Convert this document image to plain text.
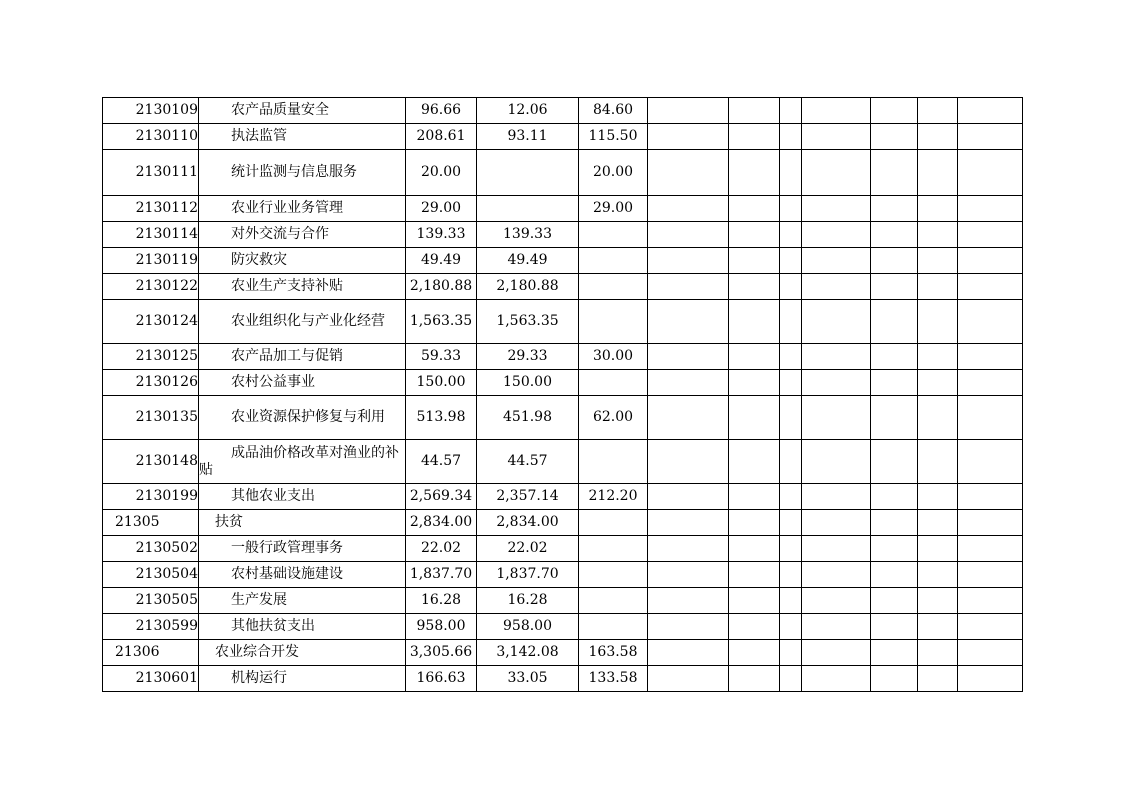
2130109	农产品质量安全	96.66	12.06	84.60							
2130110	执法监管	208.61	93.11	115.50							
2130111	统计监测与信息服务	20.00		20.00							
2130112	农业行业业务管理	29.00		29.00							
2130114	对外交流与合作	139.33	139.33								
2130119	防灾救灾	49.49	49.49								
2130122	农业生产支持补贴	2,180.88	2,180.88								
2130124	农业组织化与产业化经营	1,563.35	1,563.35								
2130125	农产品加工与促销	59.33	29.33	30.00							
2130126	农村公益事业	150.00	150.00								
2130135	农业资源保护修复与利用	513.98	451.98	62.00							
2130148	成品油价格改革对渔业的补贴	44.57	44.57								
2130199	其他农业支出	2,569.34	2,357.14	212.20							
21305	扶贫	2,834.00	2,834.00								
2130502	一般行政管理事务	22.02	22.02								
2130504	农村基础设施建设	1,837.70	1,837.70								
2130505	生产发展	16.28	16.28								
2130599	其他扶贫支出	958.00	958.00								
21306	农业综合开发	3,305.66	3,142.08	163.58							
2130601	机构运行	166.63	33.05	133.58							
